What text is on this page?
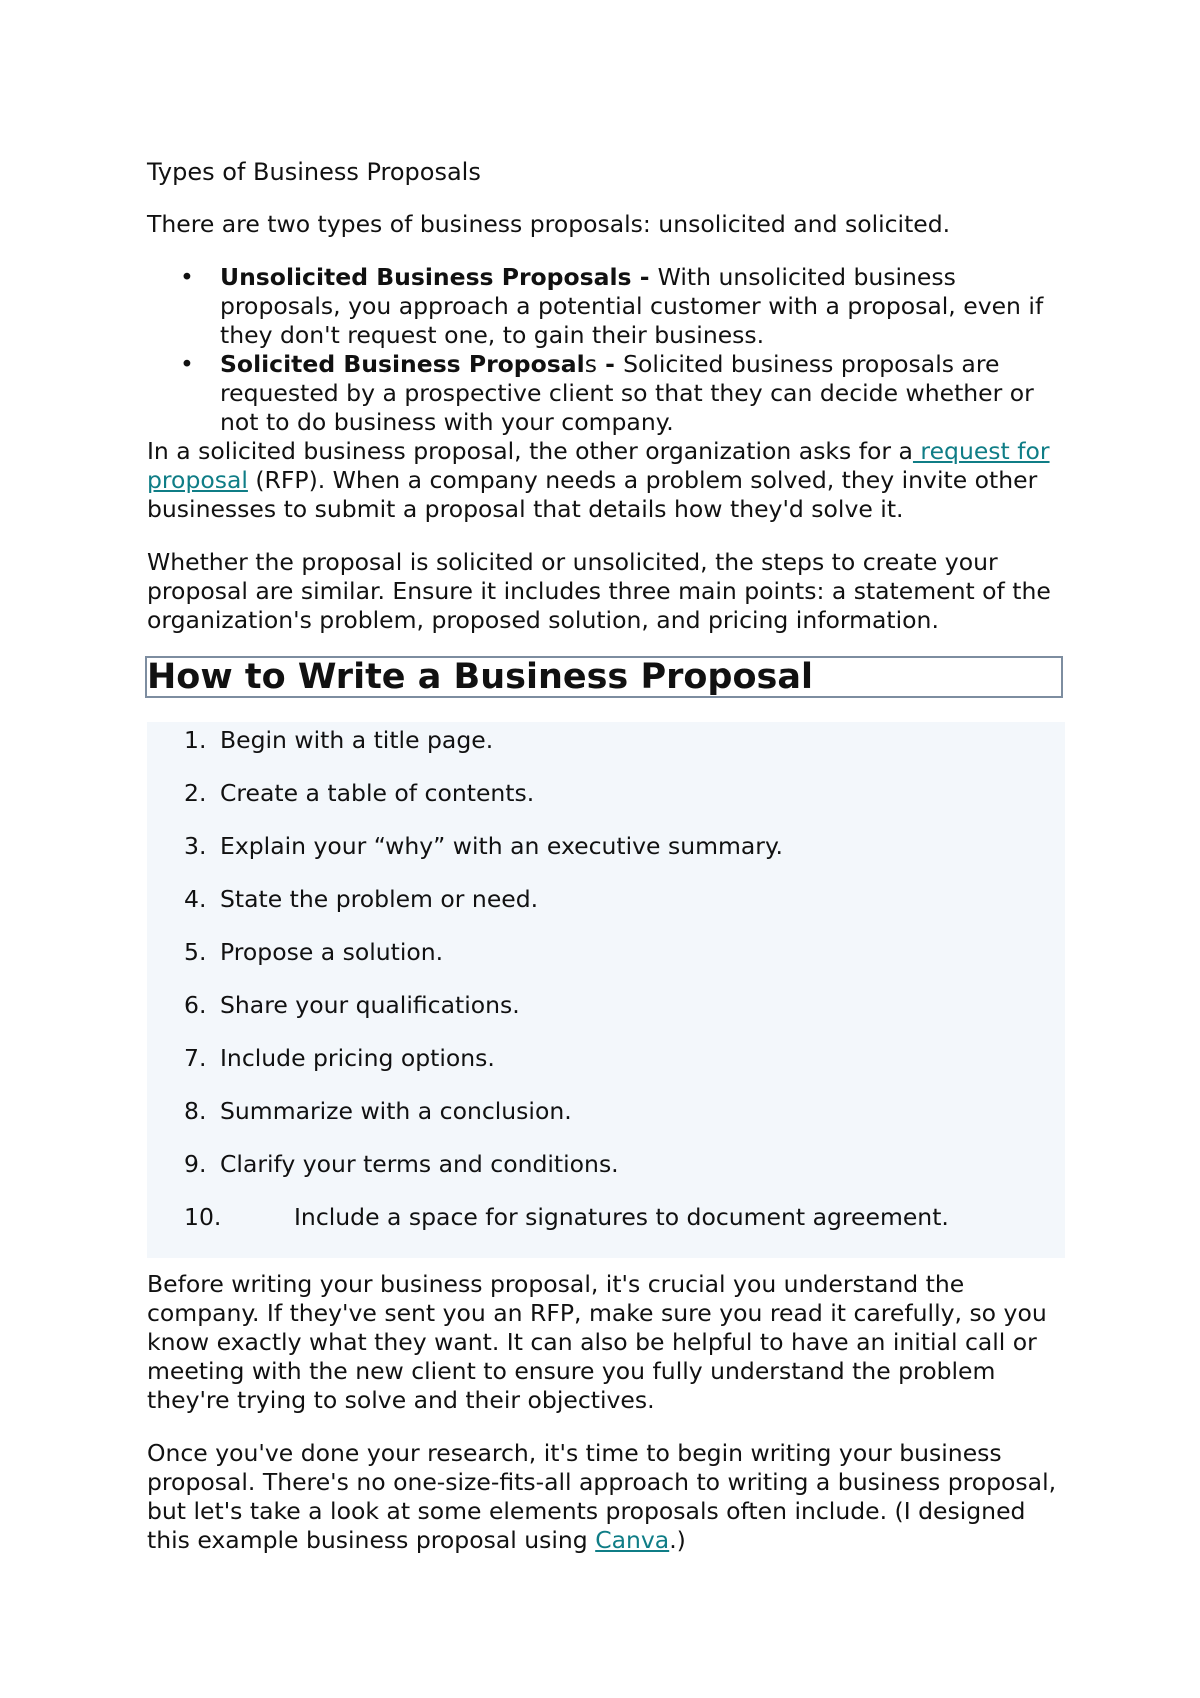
Types of Business Proposals

There are two types of business proposals: unsolicited and solicited.

• Unsolicited Business Proposals - With unsolicited business proposals, you approach a potential customer with a proposal, even if they don't request one, to gain their business.
• Solicited Business Proposals - Solicited business proposals are requested by a prospective client so that they can decide whether or not to do business with your company.

In a solicited business proposal, the other organization asks for a request for proposal (RFP). When a company needs a problem solved, they invite other businesses to submit a proposal that details how they'd solve it.

Whether the proposal is solicited or unsolicited, the steps to create your proposal are similar. Ensure it includes three main points: a statement of the organization's problem, proposed solution, and pricing information.

How to Write a Business Proposal
1. Begin with a title page.
2. Create a table of contents.
3. Explain your “why” with an executive summary.
4. State the problem or need.
5. Propose a solution.
6. Share your qualifications.
7. Include pricing options.
8. Summarize with a conclusion.
9. Clarify your terms and conditions.
10.	Include a space for signatures to document agreement.

Before writing your business proposal, it's crucial you understand the company. If they've sent you an RFP, make sure you read it carefully, so you know exactly what they want. It can also be helpful to have an initial call or meeting with the new client to ensure you fully understand the problem they're trying to solve and their objectives.

Once you've done your research, it's time to begin writing your business proposal. There's no one-size-fits-all approach to writing a business proposal, but let's take a look at some elements proposals often include. (I designed this example business proposal using Canva.)
